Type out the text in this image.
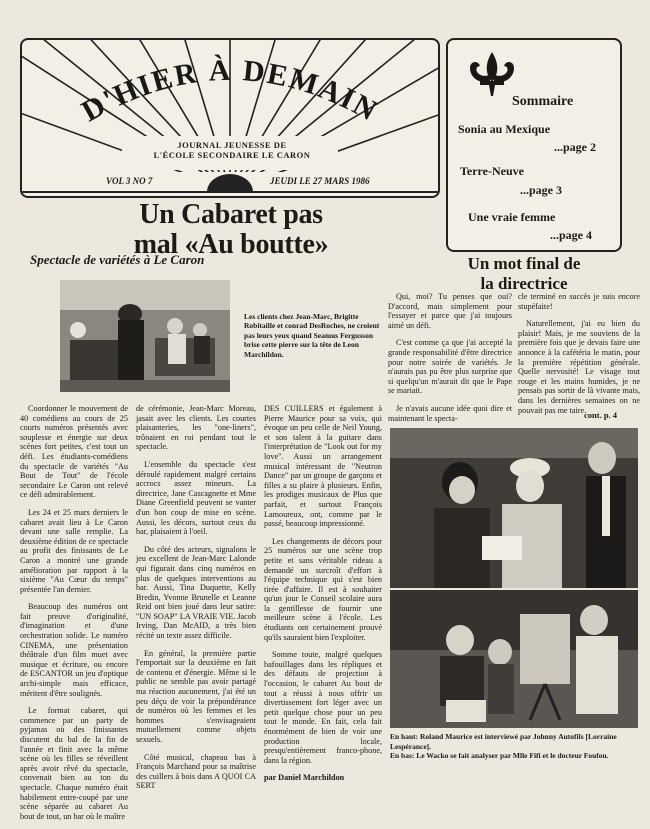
D'HIER À DEMAIN
JOURNAL JEUNESSE DE
L'ÉCOLE SECONDAIRE LE CARON
VOL 3 NO 7	JEUDI LE 27 MARS 1986
Sommaire
Sonia au Mexique
...page 2
Terre-Neuve
...page 3
Une vraie femme
...page 4
Un Cabaret pas
mal «Au boutte»
Spectacle de variétés à Le Caron	Un mot final de
la directrice
Les clients chez Jean-Marc, Brigitte Robitaille et conrad DesRoches, ne croient pas leurs yeux quand Seamus Fergusson brise cette pierre sur la tête de Leon Marchildon.

Coordonner le mouvement de 40 comédiens au cours de 25 courts numéros présentés avec souplesse et énergie sur deux scènes fort petites, c'est tout un défi. Les étudiants-comédiens du spectacle de variétés "Au Bout de Tout" de l'école secondaire Le Caron ont relevé ce défi admirablement.

Les 24 et 25 mars derniers le cabaret avait lieu à Le Caron devant une salle remplie. La deuxième édition de ce spectacle au profit des finissants de Le Caron a montré une grande amélioration par rapport à la sixième "Au Cœur du temps" présentée l'an dernier.

Beaucoup des numéros ont fait preuve d'originalité, d'imagination et d'une orchestration solide. Le numéro CINEMA, une présentation théâtrale d'un film muet avec musique et écriture, ou encore de ESCANTOR un jeu d'optique archi-simple mais efficace, méritent d'être soulignés.

Le format cabaret, qui commence par un party de pyjamas où des finissantes discutent du bal de la fin de l'année et finit avec la même scène où les filles se réveillent après avoir rêvé du spectacle, convenait bien au ton du spectacle. Chaque numéro était habilement entre-coupé par une scène séparée au cabaret Au bout de tout, un bar où le maître

de cérémonie, Jean-Marc Moreau, jasait avec les clients. Les courtes plaisanteries, les "one-liners", trônaient en roi pendant tout le spectacle.

L'ensemble du spectacle s'est déroulé rapidement malgré certains accrocs assez mineurs. La directrice, Jane Cascagnette et Mme Diane Greenfield peuvent se vanter d'un bon coup de mise en scène. Aussi, les décors, surtout ceux du bar, plaisaient à l'oeil.

Du côté des acteurs, signalons le jeu excellent de Jean-Marc Lalonde qui figurait dans cinq numéros en plus de quelques interventions au bar. Aussi, Tina Duquette, Kelly Bredin, Yvonne Brunelle et Leanne Reid ont bien joué dans leur satire: "UN SOAP" LA VRAIE VIE. Jacob Irving, Dan McAID, a très bien récité un texte assez difficile.

En général, la première partie l'emportait sur la deuxième en fait de contenu et d'énergie. Même si le public ne semble pas avoir partagé ma réaction aucunement, j'ai été un peu déçu de voir la prépondérance de numéros où les femmes et les hommes s'envisageaient mutuellement comme objets sexuels.

Côté musical, chapeau bas à François Marchand pour sa maîtrise des cuillers à bois dans A QUOI CA SERT

DES CUILLERS et également à Pierre Maurice pour sa voix, qui évoque un peu celle de Neil Young, et son talent à la guitare dans l'interprétation de "Look out for my love". Aussi un arrangement musical intéressant de "Neutron Dance" par un groupe de garçons et filles a su plaire à plusieurs. Enfin, les prodiges musicaux de Plus que parfait, et surtout François Lamoureux, ont, comme par le passé, beaucoup impressionné.

Les changements de décors pour 25 numéros sur une scène trop petite et sans véritable rideau a demandé un surcroît d'effort à l'équipe technique qui s'est bien tirée d'affaire. Il est à souhaiter qu'un jour le Conseil scolaire aura la gentillesse de fournir une meilleure scène à l'école. Les étudiants ont certainement prouvé qu'ils sauraient bien l'exploiter.

Somme toute, malgré quelques bafouillages dans les répliques et des défauts de projection à l'occasion, le cabaret Au bout de tout a réussi à nous offrir un divertissement fort léger avec un petit quelque chose pour un peu tout le monde. En fait, cela fait énormément de bien de voir une production locale, presqu'entièrement franco-phone, dans la région.

par Daniel Marchildon

Qui, moi? Tu penses que oui? D'accord, mais simplement pour l'essayer et parce que j'ai toujours aimé un défi.

C'est comme ça que j'ai accepté la grande responsabilité d'être directrice pour notre soirée de variétés. Je n'aurais pas pu être plus surprise que si quelqu'un m'aurait dit que le Pape se mariait.

Je n'avais aucune idée quoi dire et maintenant le specta-

cle terminé en succès je suis encore stupéfaite!

Naturellement, j'ai eu bien du plaisir! Mais, je me souviens de la première fois que je devais faire une annonce à la cafétéria le matin, pour la première répétition générale. Quelle nervosité! Le visage tout rouge et les mains humides, je ne pensais pas sortir de là vivante mais, dans les dernières semaines on ne pouvait pas me taire.

cont. p. 4
En haut: Roland Maurice est interviewé par Johnny Autofils [Lorraine Lespérance].
En bas: Le Wacko se fait analyser par Mlle Fifi et le docteur Foufou.
